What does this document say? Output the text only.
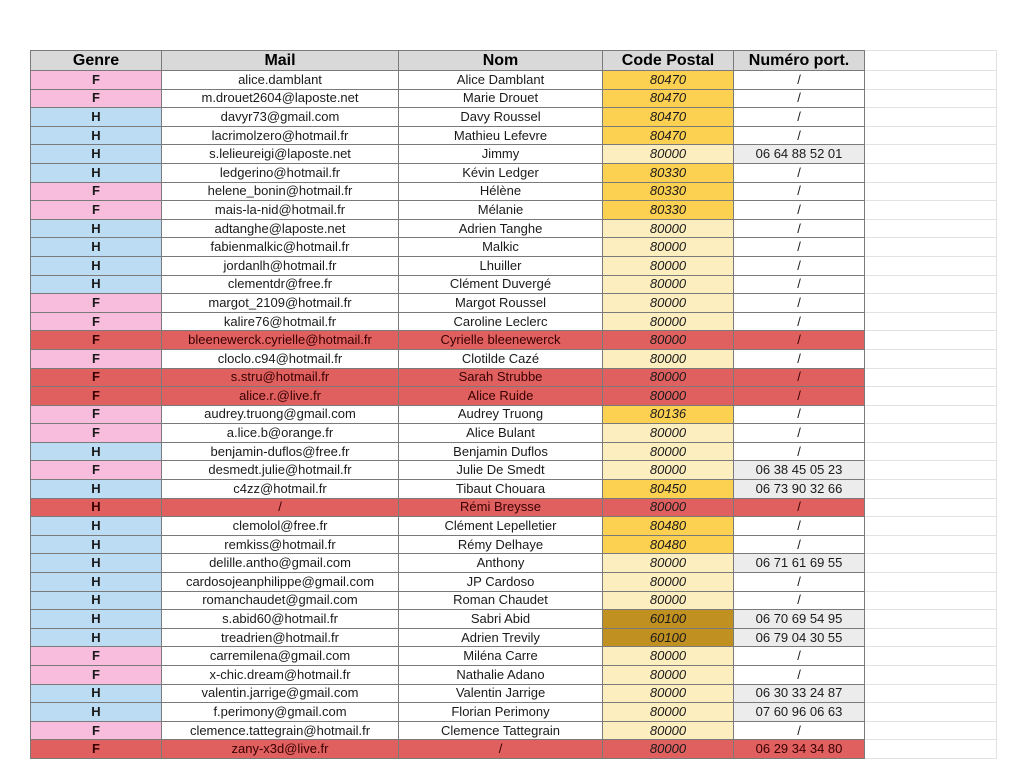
Genre	Mail	Nom	Code Postal	Numéro port.	
F	alice.damblant	Alice Damblant	80470	/	
F	m.drouet2604@laposte.net	Marie Drouet	80470	/	
H	davyr73@gmail.com	Davy Roussel	80470	/	
H	lacrimolzero@hotmail.fr	Mathieu Lefevre	80470	/	
H	s.lelieureigi@laposte.net	Jimmy	80000	06 64 88 52 01	
H	ledgerino@hotmail.fr	Kévin Ledger	80330	/	
F	helene_bonin@hotmail.fr	Hélène	80330	/	
F	mais-la-nid@hotmail.fr	Mélanie	80330	/	
H	adtanghe@laposte.net	Adrien Tanghe	80000	/	
H	fabienmalkic@hotmail.fr	Malkic	80000	/	
H	jordanlh@hotmail.fr	Lhuiller	80000	/	
H	clementdr@free.fr	Clément Duvergé	80000	/	
F	margot_2109@hotmail.fr	Margot Roussel	80000	/	
F	kalire76@hotmail.fr	Caroline Leclerc	80000	/	
F	bleenewerck.cyrielle@hotmail.fr	Cyrielle bleenewerck	80000	/	
F	cloclo.c94@hotmail.fr	Clotilde Cazé	80000	/	
F	s.stru@hotmail.fr	Sarah Strubbe	80000	/	
F	alice.r.@live.fr	Alice Ruide	80000	/	
F	audrey.truong@gmail.com	Audrey Truong	80136	/	
F	a.lice.b@orange.fr	Alice Bulant	80000	/	
H	benjamin-duflos@free.fr	Benjamin Duflos	80000	/	
F	desmedt.julie@hotmail.fr	Julie De Smedt	80000	06 38 45 05 23	
H	c4zz@hotmail.fr	Tibaut Chouara	80450	06 73 90 32 66	
H	/	Rémi Breysse	80000	/	
H	clemolol@free.fr	Clément Lepelletier	80480	/	
H	remkiss@hotmail.fr	Rémy Delhaye	80480	/	
H	delille.antho@gmail.com	Anthony	80000	06 71 61 69 55	
H	cardosojeanphilippe@gmail.com	JP Cardoso	80000	/	
H	romanchaudet@gmail.com	Roman Chaudet	80000	/	
H	s.abid60@hotmail.fr	Sabri Abid	60100	06 70 69 54 95	
H	treadrien@hotmail.fr	Adrien Trevily	60100	06 79 04 30 55	
F	carremilena@gmail.com	Miléna Carre	80000	/	
F	x-chic.dream@hotmail.fr	Nathalie Adano	80000	/	
H	valentin.jarrige@gmail.com	Valentin Jarrige	80000	06 30 33 24 87	
H	f.perimony@gmail.com	Florian Perimony	80000	07 60 96 06 63	
F	clemence.tattegrain@hotmail.fr	Clemence Tattegrain	80000	/	
F	zany-x3d@live.fr	/	80000	06 29 34 34 80	
